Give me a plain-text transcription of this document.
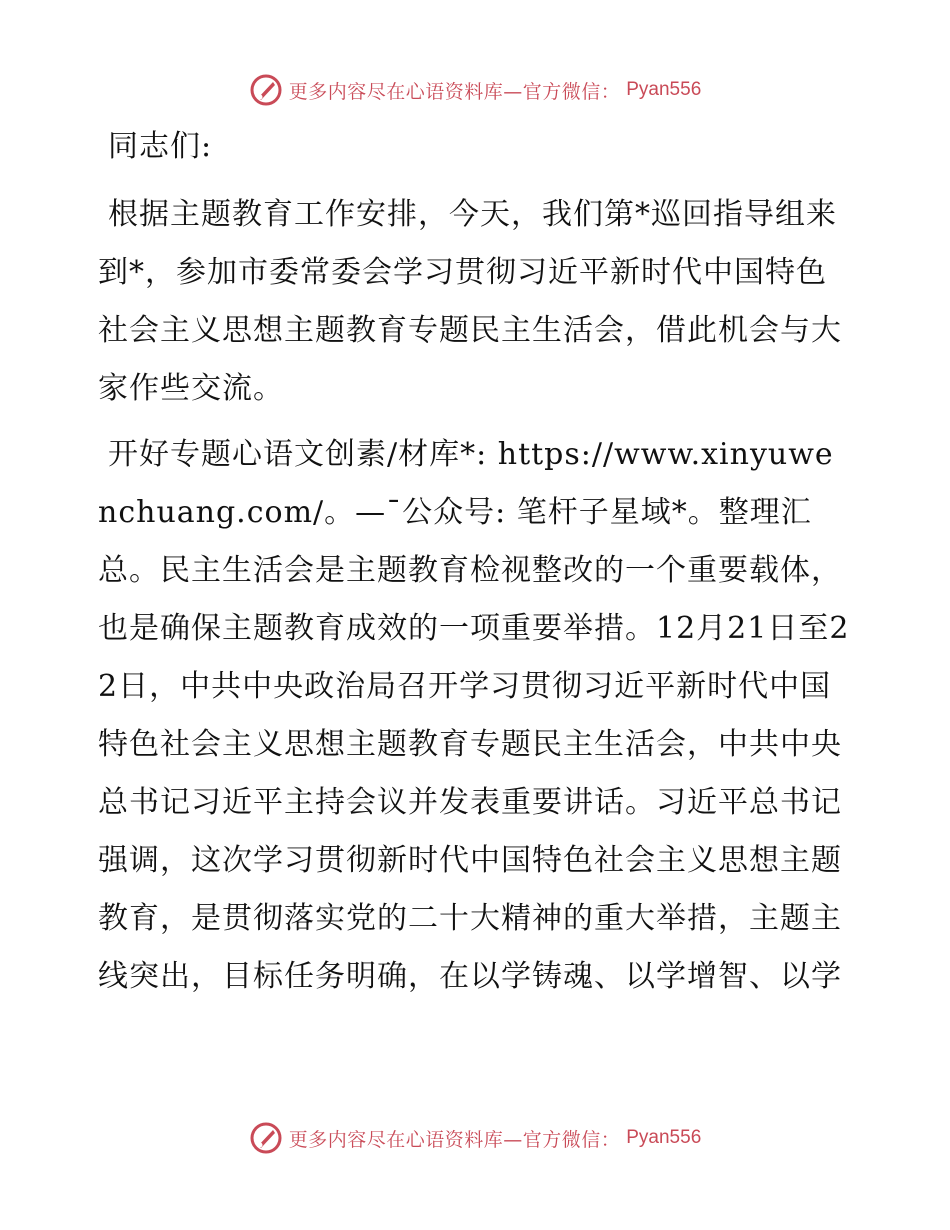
更多内容尽在心语资料库—官方微信： Pyan556

同志们:

根据主题教育工作安排，今天，我们第*巡回指导组来到*，参加市委常委会学习贯彻习近平新时代中国特色社会主义思想主题教育专题民主生活会，借此机会与大家作些交流。

开好专题心语文创素/材库*: https://www.xinyuwenchuang.com/。—¯公众号: 笔杆子星域*。整理汇总。民主生活会是主题教育检视整改的一个重要载体，也是确保主题教育成效的一项重要举措。12月21日至22日，中共中央政治局召开学习贯彻习近平新时代中国特色社会主义思想主题教育专题民主生活会，中共中央总书记习近平主持会议并发表重要讲话。习近平总书记强调，这次学习贯彻新时代中国特色社会主义思想主题教育，是贯彻落实党的二十大精神的重大举措，主题主线突出，目标任务明确，在以学铸魂、以学增智、以学

更多内容尽在心语资料库—官方微信： Pyan556
